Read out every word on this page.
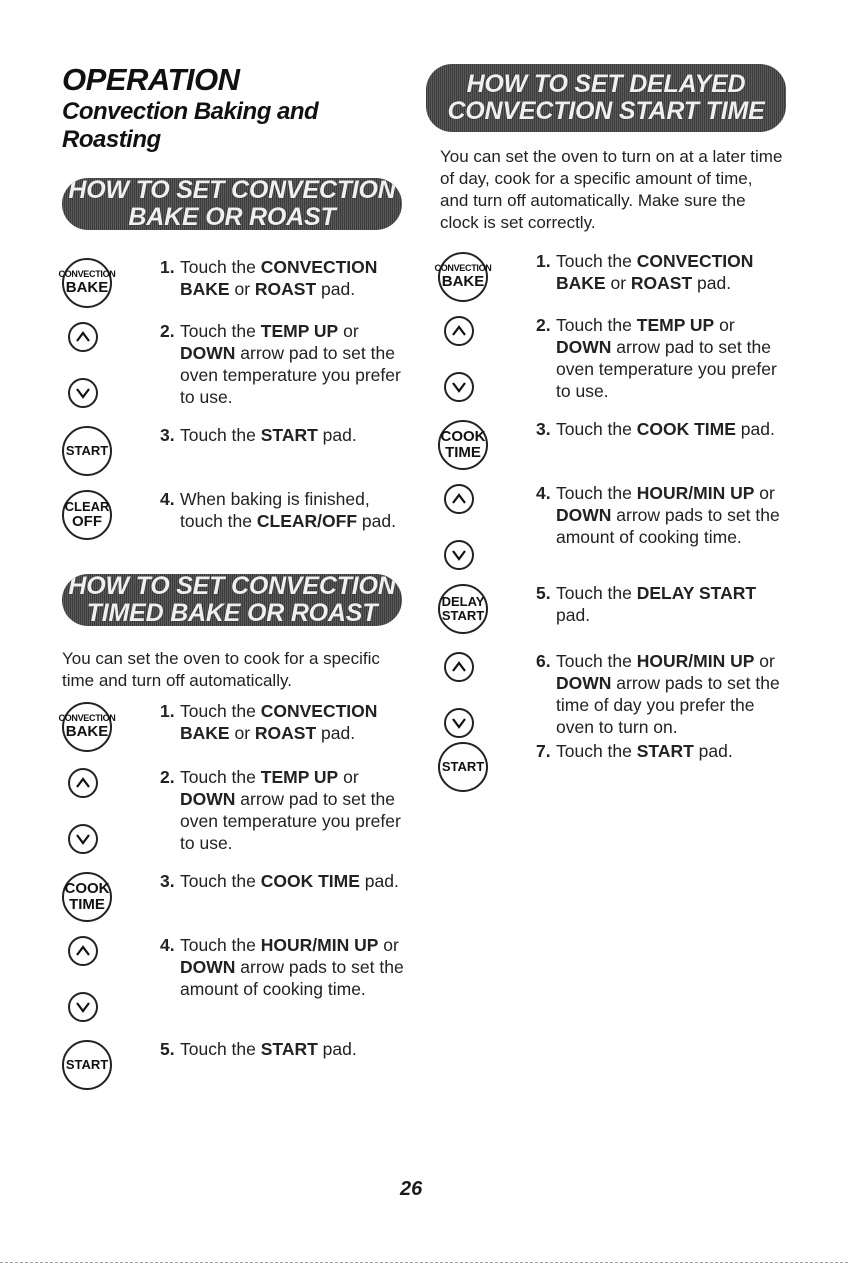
OPERATION
Convection Baking and Roasting
HOW TO SET CONVECTION
BAKE OR ROAST
CONVECTION
BAKE
1. Touch the CONVECTION BAKE or ROAST pad.
2. Touch the TEMP UP or DOWN arrow pad to set the oven temperature you prefer to use.
START
3. Touch the START pad.
CLEAR
OFF
4. When baking is finished, touch the CLEAR/OFF pad.
HOW TO SET CONVECTION
TIMED BAKE OR ROAST
You can set the oven to cook for a specific time and turn off automatically.
CONVECTION
BAKE
1. Touch the CONVECTION BAKE or ROAST pad.
2. Touch the TEMP UP or DOWN arrow pad to set the oven temperature you prefer to use.
COOK
TIME
3. Touch the COOK TIME pad.
4. Touch the HOUR/MIN UP or DOWN arrow pads to set the amount of cooking time.
START
5. Touch the START pad.
HOW TO SET DELAYED
CONVECTION START TIME
You can set the oven to turn on at a later time of day, cook for a specific amount of time, and turn off automatically. Make sure the clock is set correctly.
CONVECTION
BAKE
1. Touch the CONVECTION BAKE or ROAST pad.
2. Touch the TEMP UP or DOWN arrow pad to set the oven temperature you prefer to use.
COOK
TIME
3. Touch the COOK TIME pad.
4. Touch the HOUR/MIN UP or DOWN arrow pads to set the amount of cooking time.
DELAY
START
5. Touch the DELAY START pad.
6. Touch the HOUR/MIN UP or DOWN arrow pads to set the time of day you prefer the oven to turn on.
START
7. Touch the START pad.
26
